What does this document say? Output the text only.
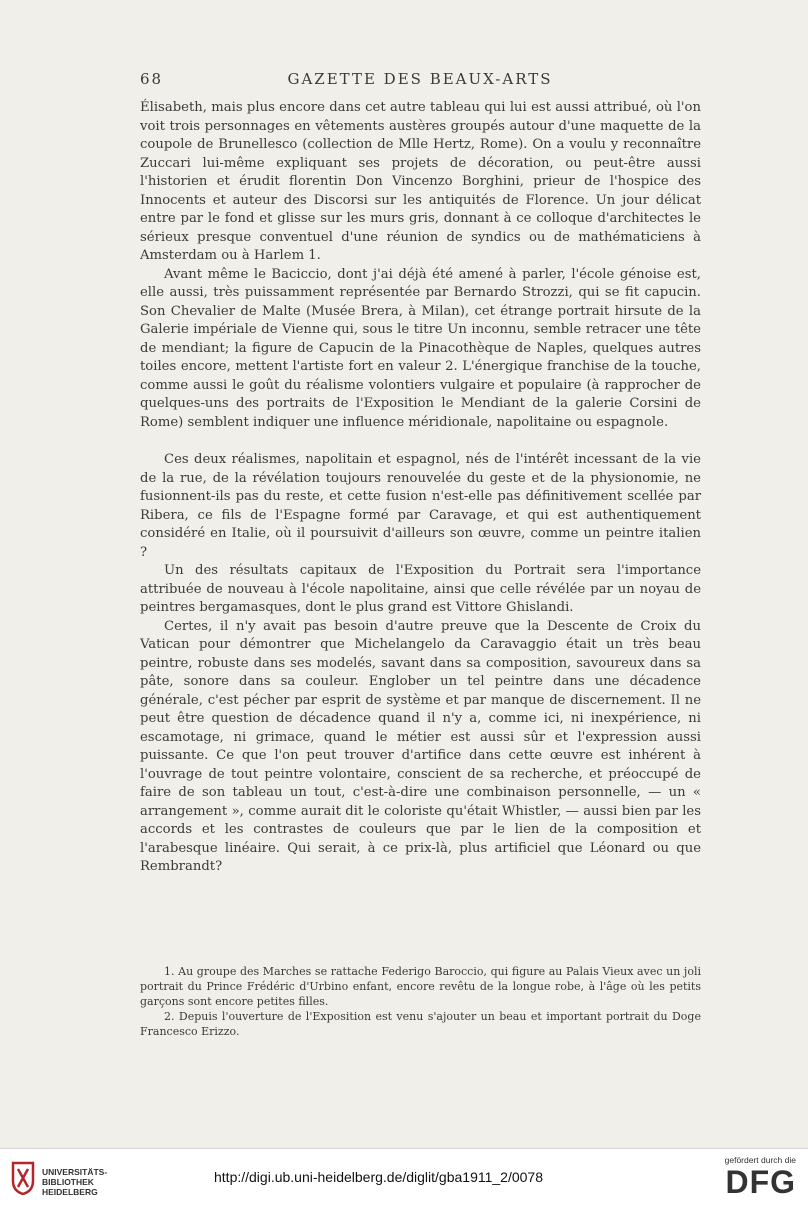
68	GAZETTE DES BEAUX-ARTS

Élisabeth, mais plus encore dans cet autre tableau qui lui est aussi attribué, où l'on voit trois personnages en vêtements austères groupés autour d'une maquette de la coupole de Brunellesco (collection de Mlle Hertz, Rome). On a voulu y reconnaître Zuccari lui-même expliquant ses projets de décoration, ou peut-être aussi l'historien et érudit florentin Don Vincenzo Borghini, prieur de l'hospice des Innocents et auteur des Discorsi sur les antiquités de Florence. Un jour délicat entre par le fond et glisse sur les murs gris, donnant à ce colloque d'architectes le sérieux presque conventuel d'une réunion de syndics ou de mathématiciens à Amsterdam ou à Harlem 1.

Avant même le Baciccio, dont j'ai déjà été amené à parler, l'école génoise est, elle aussi, très puissamment représentée par Bernardo Strozzi, qui se fit capucin. Son Chevalier de Malte (Musée Brera, à Milan), cet étrange portrait hirsute de la Galerie impériale de Vienne qui, sous le titre Un inconnu, semble retracer une tête de mendiant; la figure de Capucin de la Pinacothèque de Naples, quelques autres toiles encore, mettent l'artiste fort en valeur 2. L'énergique franchise de la touche, comme aussi le goût du réalisme volontiers vulgaire et populaire (à rapprocher de quelques-uns des portraits de l'Exposition le Mendiant de la galerie Corsini de Rome) semblent indiquer une influence méridionale, napolitaine ou espagnole.

Ces deux réalismes, napolitain et espagnol, nés de l'intérêt incessant de la vie de la rue, de la révélation toujours renouvelée du geste et de la physionomie, ne fusionnent-ils pas du reste, et cette fusion n'est-elle pas définitivement scellée par Ribera, ce fils de l'Espagne formé par Caravage, et qui est authentiquement considéré en Italie, où il poursuivit d'ailleurs son œuvre, comme un peintre italien ?

Un des résultats capitaux de l'Exposition du Portrait sera l'importance attribuée de nouveau à l'école napolitaine, ainsi que celle révélée par un noyau de peintres bergamasques, dont le plus grand est Vittore Ghislandi.

Certes, il n'y avait pas besoin d'autre preuve que la Descente de Croix du Vatican pour démontrer que Michelangelo da Caravaggio était un très beau peintre, robuste dans ses modelés, savant dans sa composition, savoureux dans sa pâte, sonore dans sa couleur. Englober un tel peintre dans une décadence générale, c'est pécher par esprit de système et par manque de discernement. Il ne peut être question de décadence quand il n'y a, comme ici, ni inexpérience, ni escamotage, ni grimace, quand le métier est aussi sûr et l'expression aussi puissante. Ce que l'on peut trouver d'artifice dans cette œuvre est inhérent à l'ouvrage de tout peintre volontaire, conscient de sa recherche, et préoccupé de faire de son tableau un tout, c'est-à-dire une combinaison personnelle, — un « arrangement », comme aurait dit le coloriste qu'était Whistler, — aussi bien par les accords et les contrastes de couleurs que par le lien de la composition et l'arabesque linéaire. Qui serait, à ce prix-là, plus artificiel que Léonard ou que Rembrandt?

1. Au groupe des Marches se rattache Federigo Baroccio, qui figure au Palais Vieux avec un joli portrait du Prince Frédéric d'Urbino enfant, encore revêtu de la longue robe, à l'âge où les petits garçons sont encore petites filles.

2. Depuis l'ouverture de l'Exposition est venu s'ajouter un beau et important portrait du Doge Francesco Erizzo.

UNIVERSITÄTS-
BIBLIOTHEK
HEIDELBERG
http://digi.ub.uni-heidelberg.de/diglit/gba1911_2/0078
gefördert durch die
DFG
